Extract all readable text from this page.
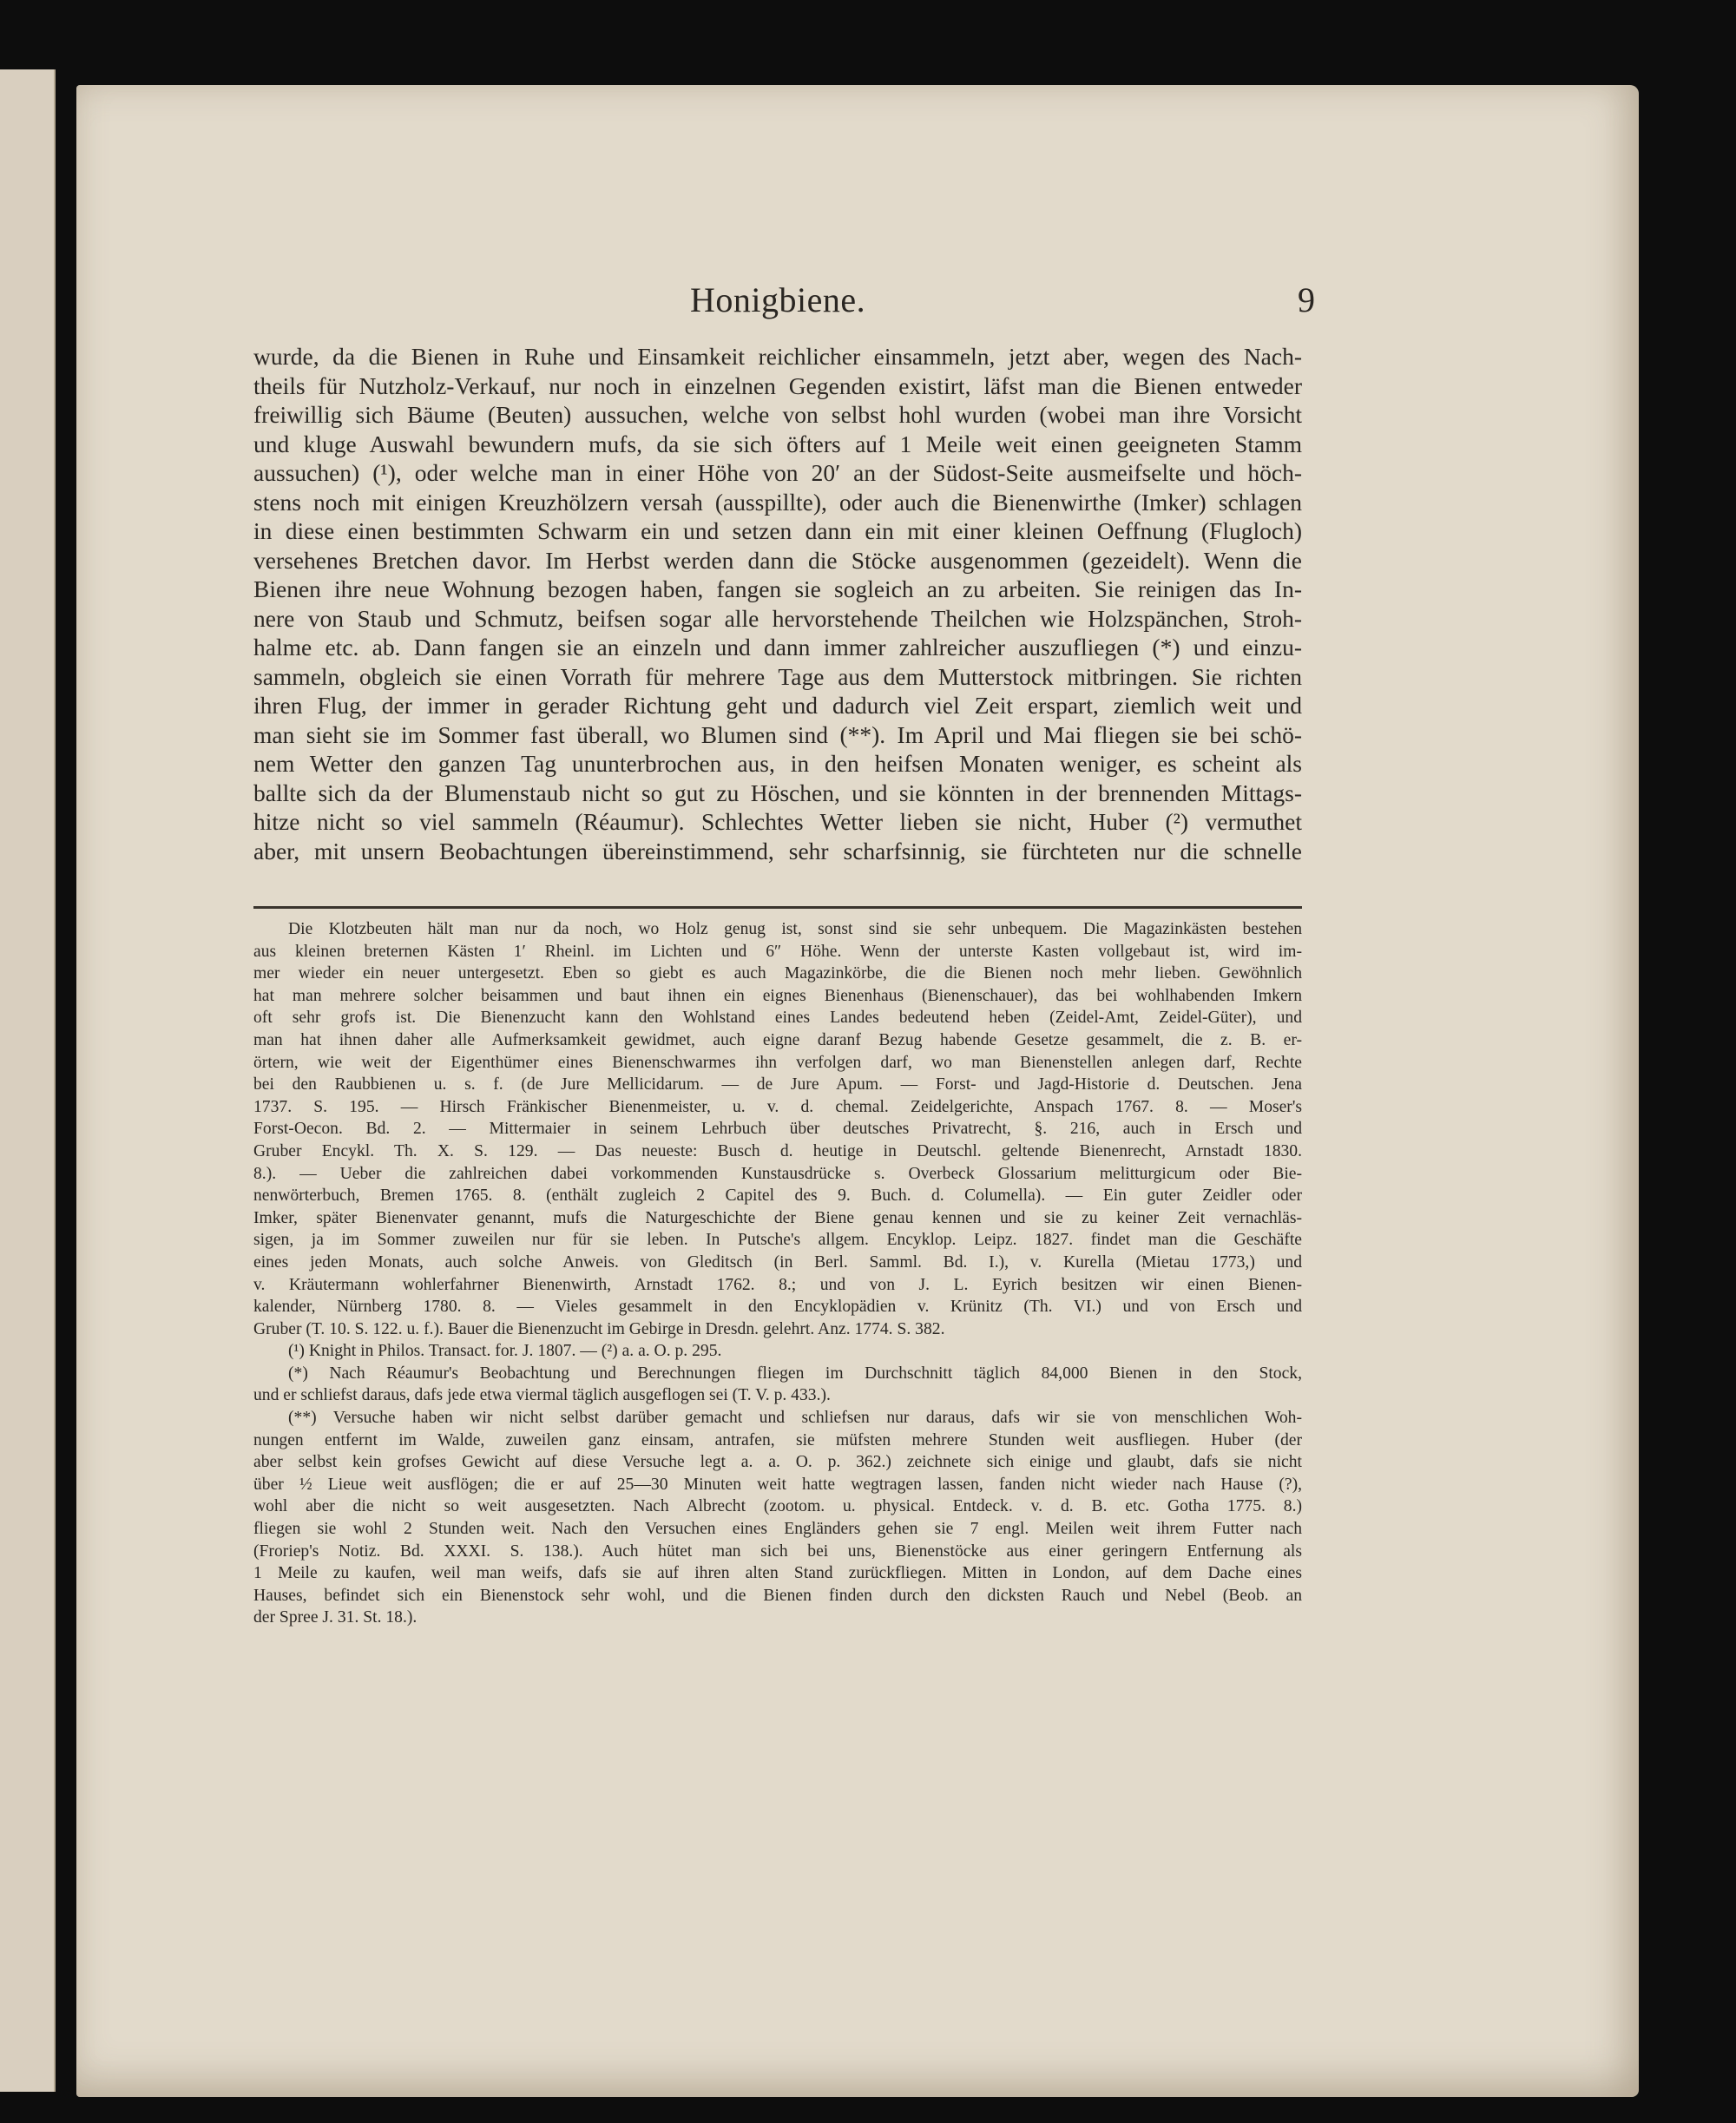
Honigbiene.	9
wurde, da die Bienen in Ruhe und Einsamkeit reichlicher einsammeln, jetzt aber, wegen des Nach-
theils für Nutzholz-Verkauf, nur noch in einzelnen Gegenden existirt, läfst man die Bienen entweder
freiwillig sich Bäume (Beuten) aussuchen, welche von selbst hohl wurden (wobei man ihre Vorsicht
und kluge Auswahl bewundern mufs, da sie sich öfters auf 1 Meile weit einen geeigneten Stamm
aussuchen) (¹), oder welche man in einer Höhe von 20′ an der Südost-Seite ausmeifselte und höch-
stens noch mit einigen Kreuzhölzern versah (ausspillte), oder auch die Bienenwirthe (Imker) schlagen
in diese einen bestimmten Schwarm ein und setzen dann ein mit einer kleinen Oeffnung (Flugloch)
versehenes Bretchen davor. Im Herbst werden dann die Stöcke ausgenommen (gezeidelt). Wenn die
Bienen ihre neue Wohnung bezogen haben, fangen sie sogleich an zu arbeiten. Sie reinigen das In-
nere von Staub und Schmutz, beifsen sogar alle hervorstehende Theilchen wie Holzspänchen, Stroh-
halme etc. ab. Dann fangen sie an einzeln und dann immer zahlreicher auszufliegen (*) und einzu-
sammeln, obgleich sie einen Vorrath für mehrere Tage aus dem Mutterstock mitbringen. Sie richten
ihren Flug, der immer in gerader Richtung geht und dadurch viel Zeit erspart, ziemlich weit und
man sieht sie im Sommer fast überall, wo Blumen sind (**). Im April und Mai fliegen sie bei schö-
nem Wetter den ganzen Tag ununterbrochen aus, in den heifsen Monaten weniger, es scheint als
ballte sich da der Blumenstaub nicht so gut zu Höschen, und sie könnten in der brennenden Mittags-
hitze nicht so viel sammeln (Réaumur). Schlechtes Wetter lieben sie nicht, Huber (²) vermuthet
aber, mit unsern Beobachtungen übereinstimmend, sehr scharfsinnig, sie fürchteten nur die schnelle
Die Klotzbeuten hält man nur da noch, wo Holz genug ist, sonst sind sie sehr unbequem. Die Magazinkästen bestehen
aus kleinen breternen Kästen 1′ Rheinl. im Lichten und 6″ Höhe. Wenn der unterste Kasten vollgebaut ist, wird im-
mer wieder ein neuer untergesetzt. Eben so giebt es auch Magazinkörbe, die die Bienen noch mehr lieben. Gewöhnlich
hat man mehrere solcher beisammen und baut ihnen ein eignes Bienenhaus (Bienenschauer), das bei wohlhabenden Imkern
oft sehr grofs ist. Die Bienenzucht kann den Wohlstand eines Landes bedeutend heben (Zeidel-Amt, Zeidel-Güter), und
man hat ihnen daher alle Aufmerksamkeit gewidmet, auch eigne daranf Bezug habende Gesetze gesammelt, die z. B. er-
örtern, wie weit der Eigenthümer eines Bienenschwarmes ihn verfolgen darf, wo man Bienenstellen anlegen darf, Rechte
bei den Raubbienen u. s. f. (de Jure Mellicidarum. — de Jure Apum. — Forst- und Jagd-Historie d. Deutschen. Jena
1737. S. 195. — Hirsch Fränkischer Bienenmeister, u. v. d. chemal. Zeidelgerichte, Anspach 1767. 8. — Moser's
Forst-Oecon. Bd. 2. — Mittermaier in seinem Lehrbuch über deutsches Privatrecht, §. 216, auch in Ersch und
Gruber Encykl. Th. X. S. 129. — Das neueste: Busch d. heutige in Deutschl. geltende Bienenrecht, Arnstadt 1830.
8.). — Ueber die zahlreichen dabei vorkommenden Kunstausdrücke s. Overbeck Glossarium melitturgicum oder Bie-
nenwörterbuch, Bremen 1765. 8. (enthält zugleich 2 Capitel des 9. Buch. d. Columella). — Ein guter Zeidler oder
Imker, später Bienenvater genannt, mufs die Naturgeschichte der Biene genau kennen und sie zu keiner Zeit vernachläs-
sigen, ja im Sommer zuweilen nur für sie leben. In Putsche's allgem. Encyklop. Leipz. 1827. findet man die Geschäfte
eines jeden Monats, auch solche Anweis. von Gleditsch (in Berl. Samml. Bd. I.), v. Kurella (Mietau 1773,) und
v. Kräutermann wohlerfahrner Bienenwirth, Arnstadt 1762. 8.; und von J. L. Eyrich besitzen wir einen Bienen-
kalender, Nürnberg 1780. 8. — Vieles gesammelt in den Encyklopädien v. Krünitz (Th. VI.) und von Ersch und
Gruber (T. 10. S. 122. u. f.). Bauer die Bienenzucht im Gebirge in Dresdn. gelehrt. Anz. 1774. S. 382.
(¹) Knight in Philos. Transact. for. J. 1807. — (²) a. a. O. p. 295.
(*) Nach Réaumur's Beobachtung und Berechnungen fliegen im Durchschnitt täglich 84,000 Bienen in den Stock,
und er schliefst daraus, dafs jede etwa viermal täglich ausgeflogen sei (T. V. p. 433.).
(**) Versuche haben wir nicht selbst darüber gemacht und schliefsen nur daraus, dafs wir sie von menschlichen Woh-
nungen entfernt im Walde, zuweilen ganz einsam, antrafen, sie müfsten mehrere Stunden weit ausfliegen. Huber (der
aber selbst kein grofses Gewicht auf diese Versuche legt a. a. O. p. 362.) zeichnete sich einige und glaubt, dafs sie nicht
über ½ Lieue weit ausflögen; die er auf 25—30 Minuten weit hatte wegtragen lassen, fanden nicht wieder nach Hause (?),
wohl aber die nicht so weit ausgesetzten. Nach Albrecht (zootom. u. physical. Entdeck. v. d. B. etc. Gotha 1775. 8.)
fliegen sie wohl 2 Stunden weit. Nach den Versuchen eines Engländers gehen sie 7 engl. Meilen weit ihrem Futter nach
(Froriep's Notiz. Bd. XXXI. S. 138.). Auch hütet man sich bei uns, Bienenstöcke aus einer geringern Entfernung als
1 Meile zu kaufen, weil man weifs, dafs sie auf ihren alten Stand zurückfliegen. Mitten in London, auf dem Dache eines
Hauses, befindet sich ein Bienenstock sehr wohl, und die Bienen finden durch den dicksten Rauch und Nebel (Beob. an
der Spree J. 31. St. 18.).
